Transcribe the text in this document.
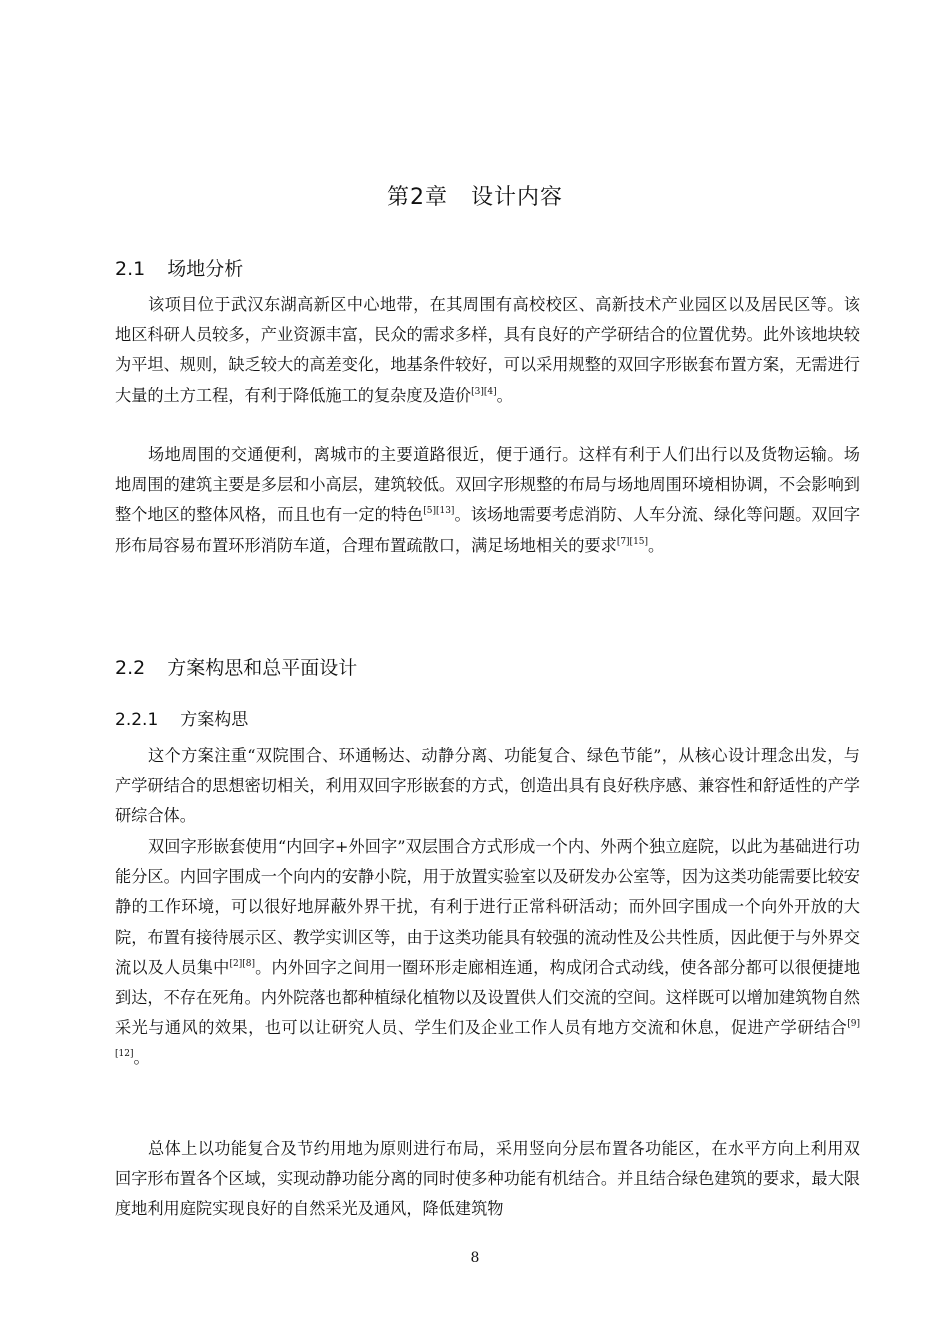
第2章　设计内容
2.1 场地分析

该项目位于武汉东湖高新区中心地带，在其周围有高校校区、高新技术产业园区以及居民区等。该地区科研人员较多，产业资源丰富，民众的需求多样，具有良好的产学研结合的位置优势。此外该地块较为平坦、规则，缺乏较大的高差变化，地基条件较好，可以采用规整的双回字形嵌套布置方案，无需进行大量的土方工程，有利于降低施工的复杂度及造价[3][4]。

场地周围的交通便利，离城市的主要道路很近，便于通行。这样有利于人们出行以及货物运输。场地周围的建筑主要是多层和小高层，建筑较低。双回字形规整的布局与场地周围环境相协调，不会影响到整个地区的整体风格，而且也有一定的特色[5][13]。该场地需要考虑消防、人车分流、绿化等问题。双回字形布局容易布置环形消防车道，合理布置疏散口，满足场地相关的要求[7][15]。

2.2 方案构思和总平面设计
2.2.1 方案构思

这个方案注重“双院围合、环通畅达、动静分离、功能复合、绿色节能”，从核心设计理念出发，与产学研结合的思想密切相关，利用双回字形嵌套的方式，创造出具有良好秩序感、兼容性和舒适性的产学研综合体。

双回字形嵌套使用“内回字+外回字”双层围合方式形成一个内、外两个独立庭院，以此为基础进行功能分区。内回字围成一个向内的安静小院，用于放置实验室以及研发办公室等，因为这类功能需要比较安静的工作环境，可以很好地屏蔽外界干扰，有利于进行正常科研活动；而外回字围成一个向外开放的大院，布置有接待展示区、教学实训区等，由于这类功能具有较强的流动性及公共性质，因此便于与外界交流以及人员集中[2][8]。内外回字之间用一圈环形走廊相连通，构成闭合式动线，使各部分都可以很便捷地到达，不存在死角。内外院落也都种植绿化植物以及设置供人们交流的空间。这样既可以增加建筑物自然采光与通风的效果，也可以让研究人员、学生们及企业工作人员有地方交流和休息，促进产学研结合[9][12]。

总体上以功能复合及节约用地为原则进行布局，采用竖向分层布置各功能区，在水平方向上利用双回字形布置各个区域，实现动静功能分离的同时使多种功能有机结合。并且结合绿色建筑的要求，最大限度地利用庭院实现良好的自然采光及通风，降低建筑物

8
